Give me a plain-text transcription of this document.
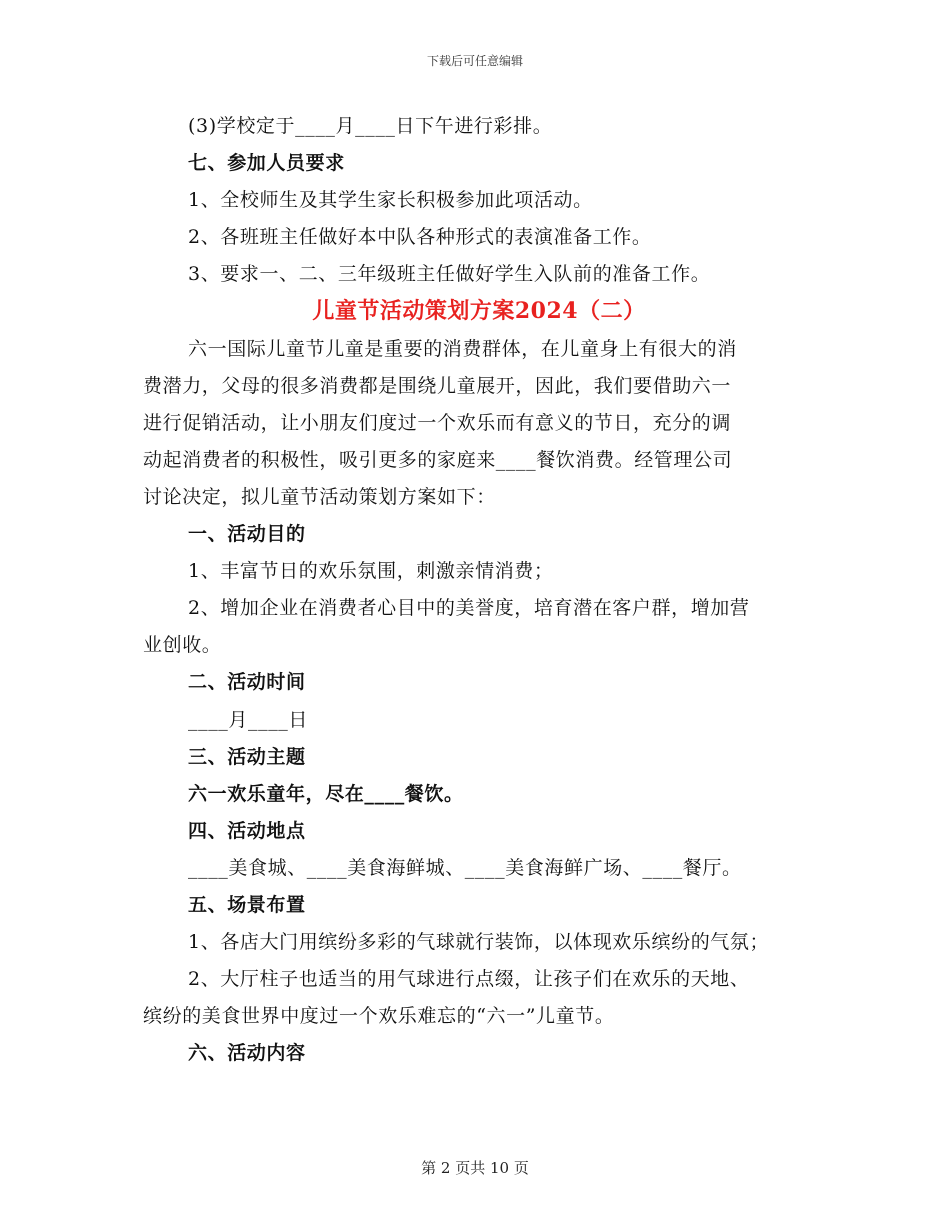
下载后可任意编辑
(3)学校定于____月____日下午进行彩排。
七、参加人员要求
1、全校师生及其学生家长积极参加此项活动。
2、各班班主任做好本中队各种形式的表演准备工作。
3、要求一、二、三年级班主任做好学生入队前的准备工作。
儿童节活动策划方案2024（二）
六一国际儿童节儿童是重要的消费群体，在儿童身上有很大的消
费潜力，父母的很多消费都是围绕儿童展开，因此，我们要借助六一
进行促销活动，让小朋友们度过一个欢乐而有意义的节日，充分的调
动起消费者的积极性，吸引更多的家庭来____餐饮消费。经管理公司
讨论决定，拟儿童节活动策划方案如下：
一、活动目的
1、丰富节日的欢乐氛围，刺激亲情消费；
2、增加企业在消费者心目中的美誉度，培育潜在客户群，增加营
业创收。
二、活动时间
____月____日
三、活动主题
六一欢乐童年，尽在____餐饮。
四、活动地点
____美食城、____美食海鲜城、____美食海鲜广场、____餐厅。
五、场景布置
1、各店大门用缤纷多彩的气球就行装饰，以体现欢乐缤纷的气氛；
2、大厅柱子也适当的用气球进行点缀，让孩子们在欢乐的天地、
缤纷的美食世界中度过一个欢乐难忘的“六一”儿童节。
六、活动内容
第 2 页共 10 页
